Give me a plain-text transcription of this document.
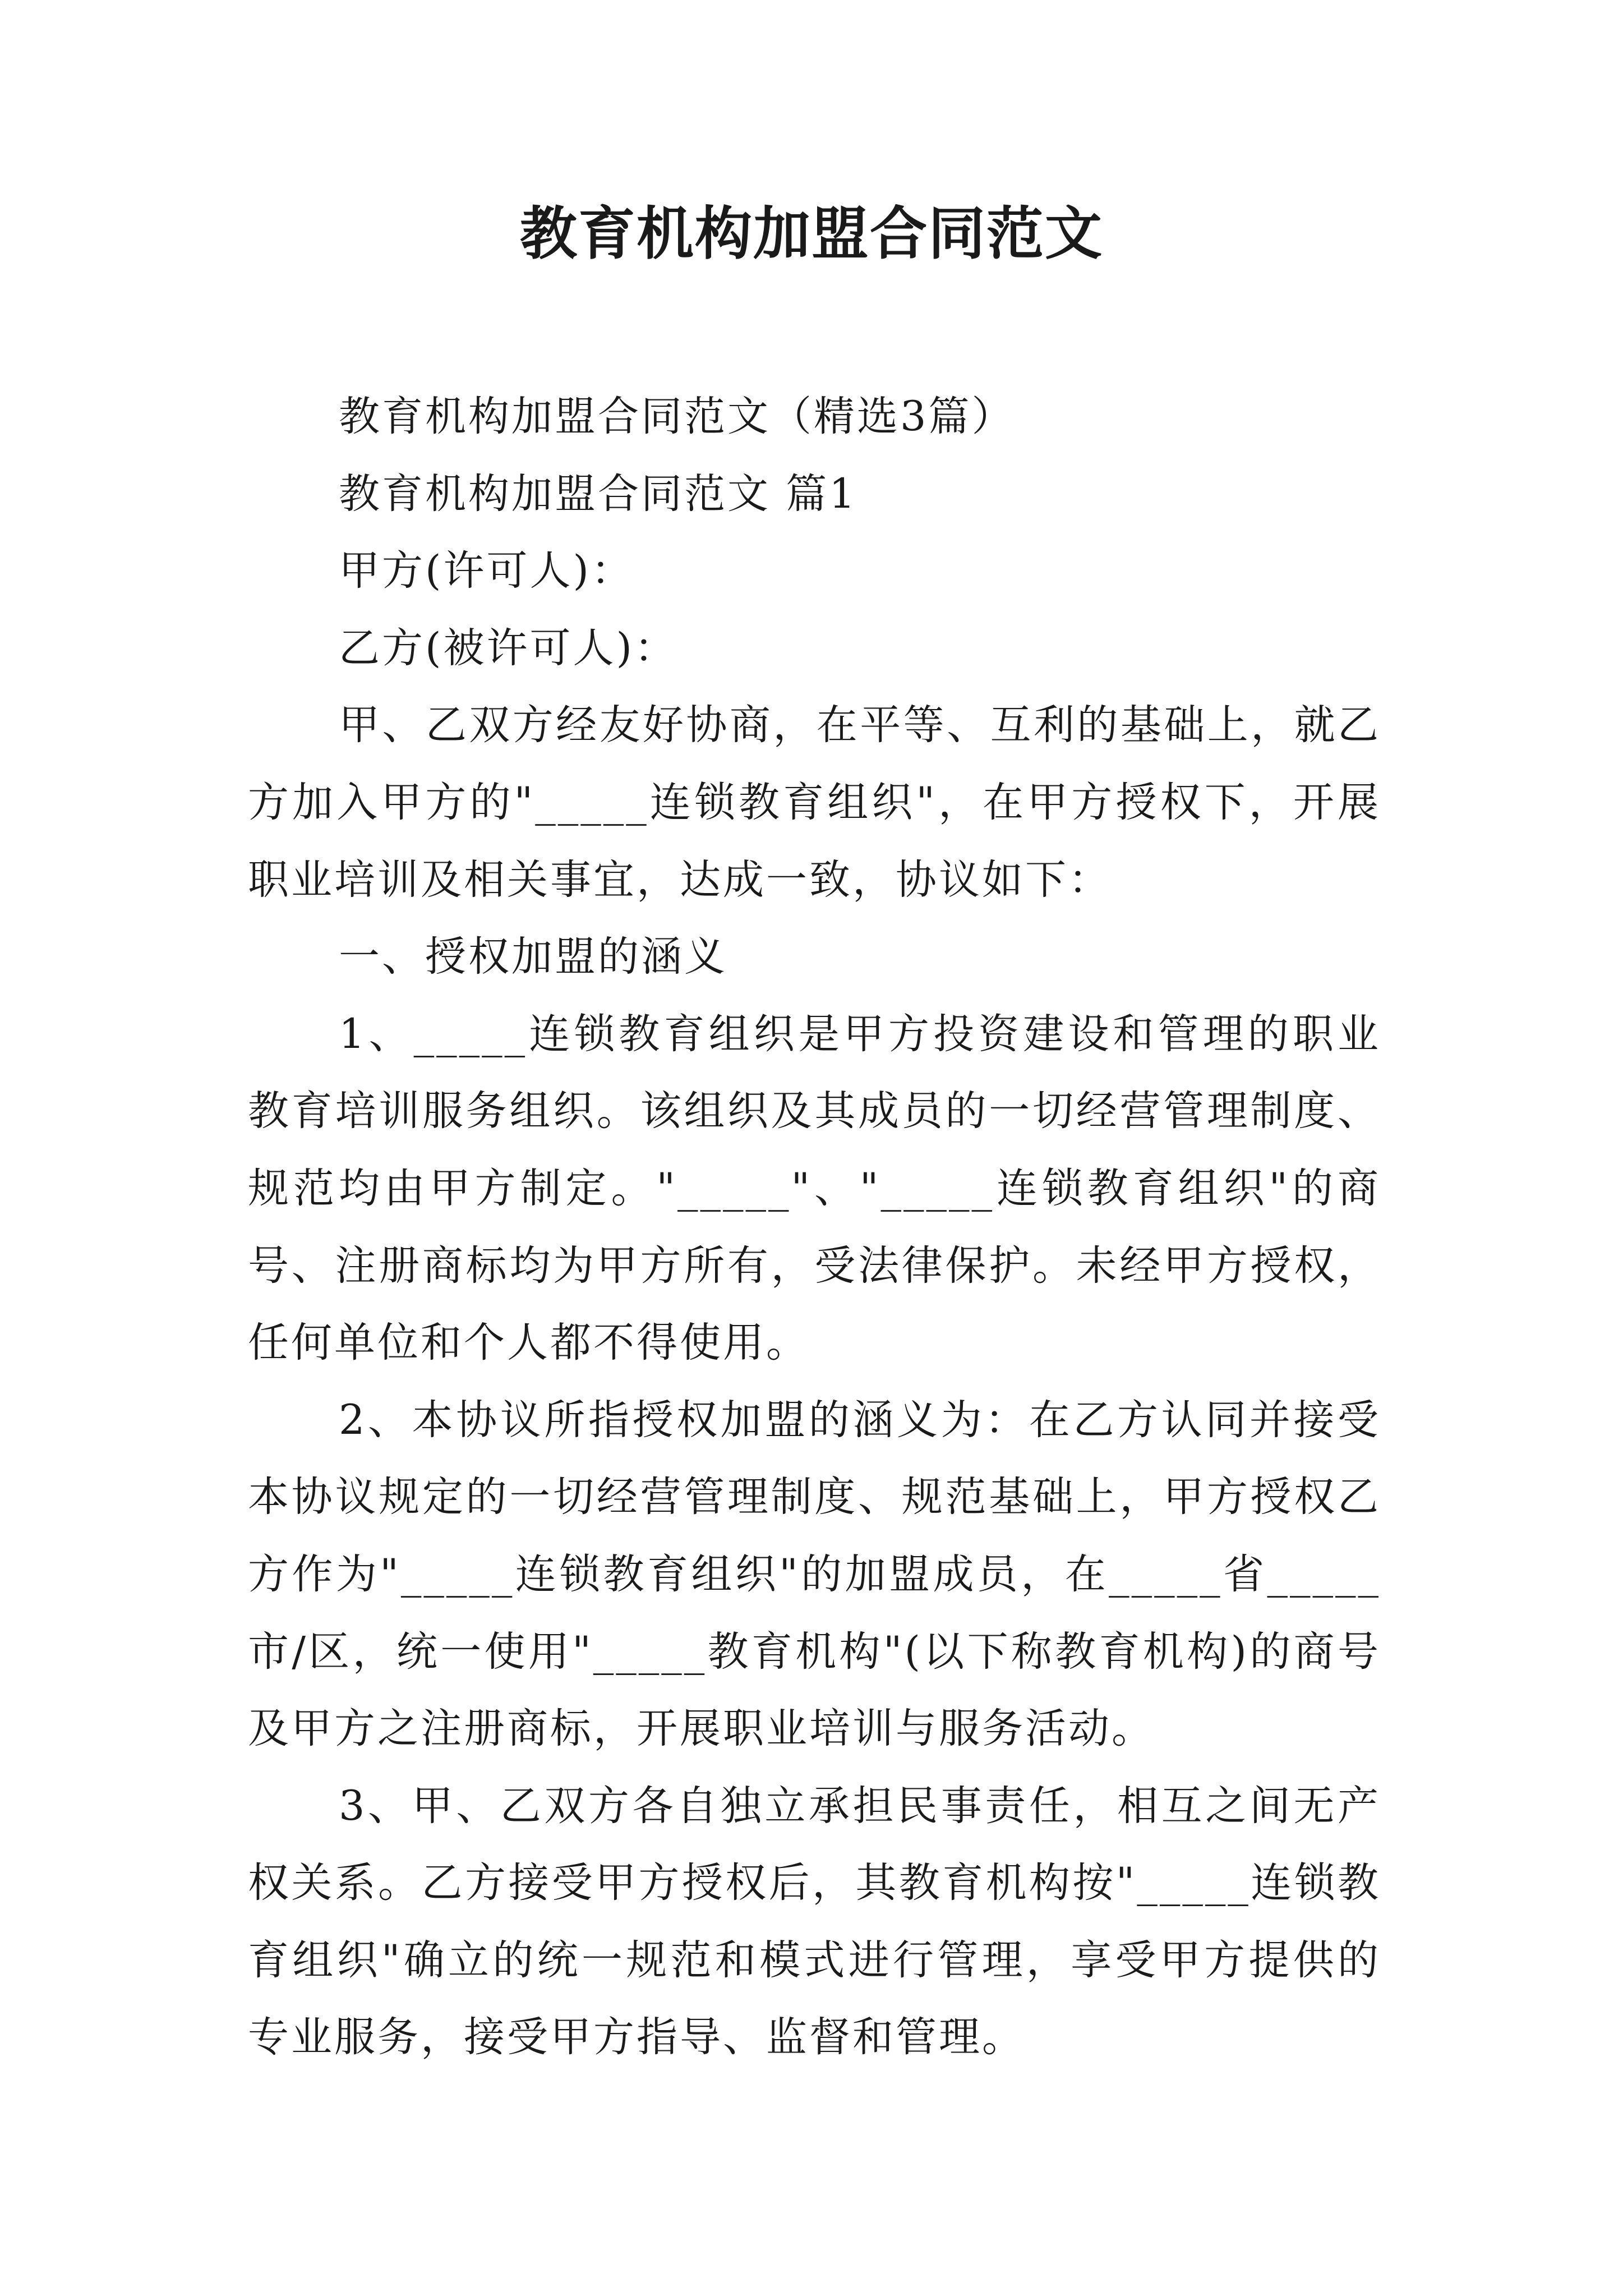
教育机构加盟合同范文

教育机构加盟合同范文（精选3篇）

教育机构加盟合同范文 篇1

甲方(许可人)：

乙方(被许可人)：

甲、乙双方经友好协商，在平等、互利的基础上，就乙方加入甲方的"_____连锁教育组织"，在甲方授权下，开展职业培训及相关事宜，达成一致，协议如下：

一、授权加盟的涵义

1、_____连锁教育组织是甲方投资建设和管理的职业教育培训服务组织。该组织及其成员的一切经营管理制度、规范均由甲方制定。"_____"、"_____连锁教育组织"的商号、注册商标均为甲方所有，受法律保护。未经甲方授权，任何单位和个人都不得使用。

2、本协议所指授权加盟的涵义为：在乙方认同并接受本协议规定的一切经营管理制度、规范基础上，甲方授权乙方作为"_____连锁教育组织"的加盟成员，在_____省_____市/区，统一使用"_____教育机构"(以下称教育机构)的商号及甲方之注册商标，开展职业培训与服务活动。

3、甲、乙双方各自独立承担民事责任，相互之间无产权关系。乙方接受甲方授权后，其教育机构按"_____连锁教育组织"确立的统一规范和模式进行管理，享受甲方提供的专业服务，接受甲方指导、监督和管理。
